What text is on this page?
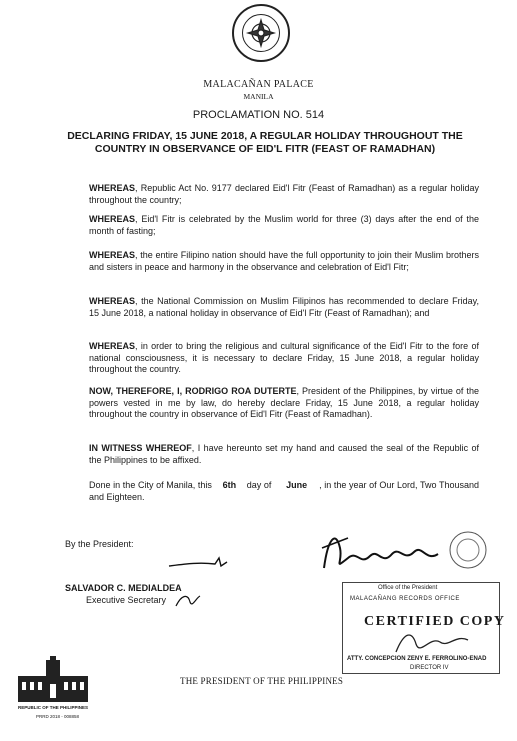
MALACAÑAN PALACE
MANILA
PROCLAMATION NO. 514
DECLARING FRIDAY, 15 JUNE 2018, A REGULAR HOLIDAY THROUGHOUT THE COUNTRY IN OBSERVANCE OF EID'L FITR (FEAST OF RAMADHAN)
WHEREAS, Republic Act No. 9177 declared Eid'l Fitr (Feast of Ramadhan) as a regular holiday throughout the country;
WHEREAS, Eid'l Fitr is celebrated by the Muslim world for three (3) days after the end of the month of fasting;
WHEREAS, the entire Filipino nation should have the full opportunity to join their Muslim brothers and sisters in peace and harmony in the observance and celebration of Eid'l Fitr;
WHEREAS, the National Commission on Muslim Filipinos has recommended to declare Friday, 15 June 2018, a national holiday in observance of Eid'l Fitr (Feast of Ramadhan); and
WHEREAS, in order to bring the religious and cultural significance of the Eid'l Fitr to the fore of national consciousness, it is necessary to declare Friday, 15 June 2018, a regular holiday throughout the country.
NOW, THEREFORE, I, RODRIGO ROA DUTERTE, President of the Philippines, by virtue of the powers vested in me by law, do hereby declare Friday, 15 June 2018, a regular holiday throughout the country in observance of Eid'l Fitr (Feast of Ramadhan).
IN WITNESS WHEREOF, I have hereunto set my hand and caused the seal of the Republic of the Philippines to be affixed.
Done in the City of Manila, this 6th day of June , in the year of Our Lord, Two Thousand and Eighteen.
By the President:
SALVADOR C. MEDIALDEA
Executive Secretary
REPUBLIC OF THE PHILIPPINES
PRRD 2018 - 008858
THE PRESIDENT OF THE PHILIPPINES
Office of the President
MALACAÑANG RECORDS OFFICE
CERTIFIED COPY
ATTY. CONCEPCION ZENY E. FERROLINO-ENAD
DIRECTOR IV
